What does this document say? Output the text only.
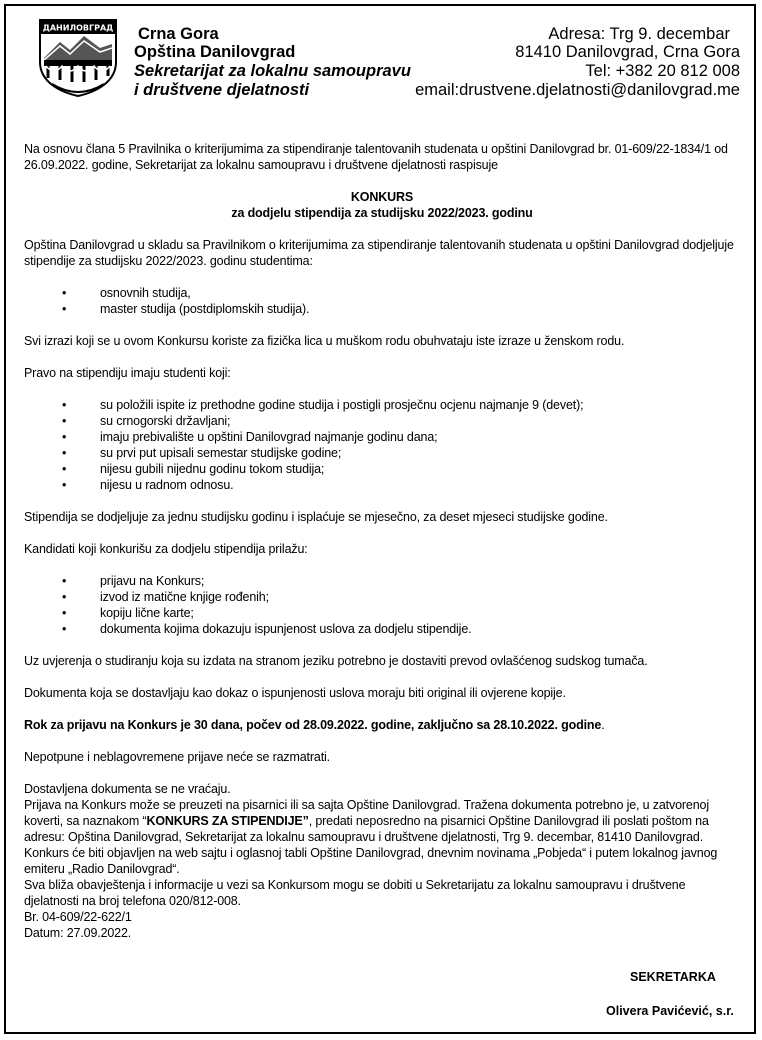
ДАНИЛОВГРАД Crna Gora
Opština Danilovgrad
Sekretarijat za lokalnu samoupravu
i društvene djelatnosti
Adresa: Trg 9. decembar
81410 Danilovgrad, Crna Gora
Tel: +382 20 812 008
email:drustvene.djelatnosti@danilovgrad.me

Na osnovu člana 5 Pravilnika o kriterijumima za stipendiranje talentovanih studenata u opštini Danilovgrad br. 01-609/22-1834/1 od 26.09.2022. godine, Sekretarijat za lokalnu samoupravu i društvene djelatnosti raspisuje

KONKURS

za dodjelu stipendija za studijsku 2022/2023. godinu

Opština Danilovgrad u skladu sa Pravilnikom o kriterijumima za stipendiranje talentovanih studenata u opštini Danilovgrad dodjeljuje stipendije za studijsku 2022/2023. godinu studentima:

•	osnovnih studija,
•	master studija (postdiplomskih studija).

Svi izrazi koji se u ovom Konkursu koriste za fizička lica u muškom rodu obuhvataju iste izraze u ženskom rodu.

Pravo na stipendiju imaju studenti koji:

•	su položili ispite iz prethodne godine studija i postigli prosječnu ocjenu najmanje 9 (devet);
•	su crnogorski državljani;
•	imaju prebivalište u opštini Danilovgrad najmanje godinu dana;
•	su prvi put upisali semestar studijske godine;
•	nijesu gubili nijednu godinu tokom studija;
•	nijesu u radnom odnosu.

Stipendija se dodjeljuje za jednu studijsku godinu i isplaćuje se mjesečno, za deset mjeseci studijske godine.

Kandidati koji konkurišu za dodjelu stipendija prilažu:

•	prijavu na Konkurs;
•	izvod iz matične knjige rođenih;
•	kopiju lične karte;
•	dokumenta kojima dokazuju ispunjenost uslova za dodjelu stipendije.

Uz uvjerenja o studiranju koja su izdata na stranom jeziku potrebno je dostaviti prevod ovlašćenog sudskog tumača.

Dokumenta koja se dostavljaju kao dokaz o ispunjenosti uslova moraju biti original ili ovjerene kopije.

Rok za prijavu na Konkurs je 30 dana, počev od 28.09.2022. godine, zaključno sa 28.10.2022. godine.

Nepotpune i neblagovremene prijave neće se razmatrati.

Dostavljena dokumenta se ne vraćaju.

Prijava na Konkurs može se preuzeti na pisarnici ili sa sajta Opštine Danilovgrad. Tražena dokumenta potrebno je, u zatvorenoj koverti, sa naznakom “KONKURS ZA STIPENDIJE”, predati neposredno na pisarnici Opštine Danilovgrad ili poslati poštom na adresu: Opština Danilovgrad, Sekretarijat za lokalnu samoupravu i društvene djelatnosti, Trg 9. decembar, 81410 Danilovgrad.

Konkurs će biti objavljen na web sajtu i oglasnoj tabli Opštine Danilovgrad, dnevnim novinama „Pobjeda“ i putem lokalnog javnog emiteru „Radio Danilovgrad“.

Sva bliža obavještenja i informacije u vezi sa Konkursom mogu se dobiti u Sekretarijatu za lokalnu samoupravu i društvene djelatnosti na broj telefona 020/812-008.

Br. 04-609/22-622/1

Datum: 27.09.2022.

SEKRETARKA
Olivera Pavićević, s.r.
